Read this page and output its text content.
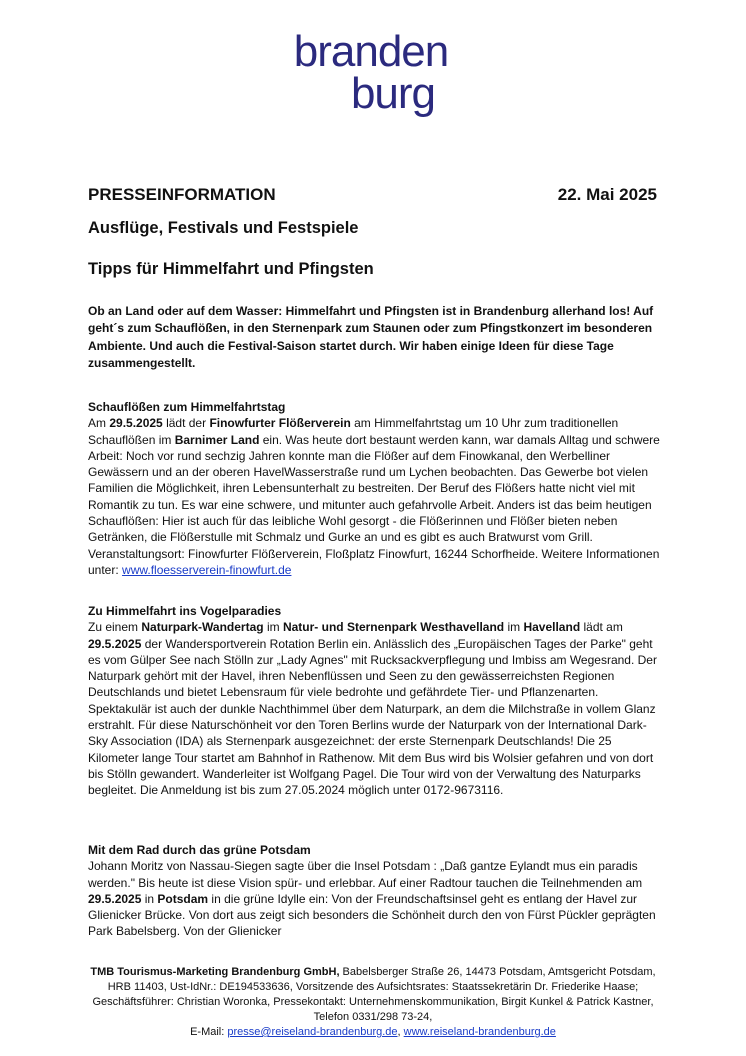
branden
burg
PRESSEINFORMATION	22. Mai 2025
Ausflüge, Festivals und Festspiele
Tipps für Himmelfahrt und Pfingsten
Ob an Land oder auf dem Wasser: Himmelfahrt und Pfingsten ist in Brandenburg allerhand los! Auf geht´s zum Schauflößen, in den Sternenpark zum Staunen oder zum Pfingstkonzert im besonderen Ambiente. Und auch die Festival-Saison startet durch. Wir haben einige Ideen für diese Tage zusammengestellt.
Schauflößen zum Himmelfahrtstag

Am 29.5.2025 lädt der Finowfurter Flößerverein am Himmelfahrtstag um 10 Uhr zum traditionellen Schauflößen im Barnimer Land ein. Was heute dort bestaunt werden kann, war damals Alltag und schwere Arbeit: Noch vor rund sechzig Jahren konnte man die Flößer auf dem Finowkanal, den Werbelliner Gewässern und an der oberen HavelWasserstraße rund um Lychen beobachten. Das Gewerbe bot vielen Familien die Möglichkeit, ihren Lebensunterhalt zu bestreiten. Der Beruf des Flößers hatte nicht viel mit Romantik zu tun. Es war eine schwere, und mitunter auch gefahrvolle Arbeit. Anders ist das beim heutigen Schauflößen: Hier ist auch für das leibliche Wohl gesorgt - die Flößerinnen und Flößer bieten neben Getränken, die Flößerstulle mit Schmalz und Gurke an und es gibt es auch Bratwurst vom Grill. Veranstaltungsort: Finowfurter Flößerverein, Floßplatz Finowfurt, 16244 Schorfheide. Weitere Informationen unter: www.floesserverein-finowfurt.de

Zu Himmelfahrt ins Vogelparadies

Zu einem Naturpark-Wandertag im Natur- und Sternenpark Westhavelland im Havelland lädt am 29.5.2025 der Wandersportverein Rotation Berlin ein. Anlässlich des „Europäischen Tages der Parke" geht es vom Gülper See nach Stölln zur „Lady Agnes" mit Rucksackverpflegung und Imbiss am Wegesrand. Der Naturpark gehört mit der Havel, ihren Nebenflüssen und Seen zu den gewässerreichsten Regionen Deutschlands und bietet Lebensraum für viele bedrohte und gefährdete Tier- und Pflanzenarten. Spektakulär ist auch der dunkle Nachthimmel über dem Naturpark, an dem die Milchstraße in vollem Glanz erstrahlt. Für diese Naturschönheit vor den Toren Berlins wurde der Naturpark von der International Dark-Sky Association (IDA) als Sternenpark ausgezeichnet: der erste Sternenpark Deutschlands! Die 25 Kilometer lange Tour startet am Bahnhof in Rathenow. Mit dem Bus wird bis Wolsier gefahren und von dort bis Stölln gewandert. Wanderleiter ist Wolfgang Pagel. Die Tour wird von der Verwaltung des Naturparks begleitet. Die Anmeldung ist bis zum 27.05.2024 möglich unter 0172-9673116.

Mit dem Rad durch das grüne Potsdam

Johann Moritz von Nassau-Siegen sagte über die Insel Potsdam : „Daß gantze Eylandt mus ein paradis werden." Bis heute ist diese Vision spür- und erlebbar. Auf einer Radtour tauchen die Teilnehmenden am 29.5.2025 in Potsdam in die grüne Idylle ein: Von der Freundschaftsinsel geht es entlang der Havel zur Glienicker Brücke. Von dort aus zeigt sich besonders die Schönheit durch den von Fürst Pückler geprägten Park Babelsberg. Von der Glienicker

TMB Tourismus-Marketing Brandenburg GmbH, Babelsberger Straße 26, 14473 Potsdam, Amtsgericht Potsdam, HRB 11403, Ust-IdNr.: DE194533636, Vorsitzende des Aufsichtsrates: Staatssekretärin Dr. Friederike Haase; Geschäftsführer: Christian Woronka, Pressekontakt: Unternehmenskommunikation, Birgit Kunkel & Patrick Kastner, Telefon 0331/298 73-24,
E-Mail: presse@reiseland-brandenburg.de, www.reiseland-brandenburg.de
